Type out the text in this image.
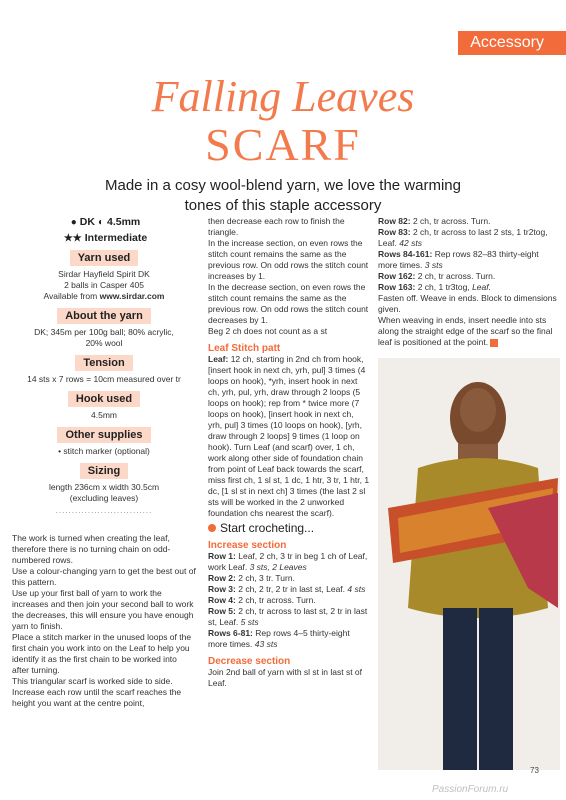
Accessory
Falling Leaves
SCARF
Made in a cosy wool-blend yarn, we love the warming tones of this staple accessory
● DK ◐ 4.5mm
★★ Intermediate
Yarn used
Sirdar Hayfield Spirit DK
2 balls in Casper 405
Available from www.sirdar.com
About the yarn
DK; 345m per 100g ball; 80% acrylic,
20% wool
Tension
14 sts x 7 rows = 10cm measured over tr
Hook used
4.5mm
Other supplies
• stitch marker (optional)
Sizing
length 236cm x width 30.5cm
(excluding leaves)
..............................
The work is turned when creating the leaf, therefore there is no turning chain on odd-numbered rows.
Use a colour-changing yarn to get the best out of this pattern.
Use up your first ball of yarn to work the increases and then join your second ball to work the decreases, this will ensure you have enough yarn to finish.
Place a stitch marker in the unused loops of the first chain you work into on the Leaf to help you identify it as the first chain to be worked into after turning.
This triangular scarf is worked side to side. Increase each row until the scarf reaches the height you want at the centre point,
then decrease each row to finish the triangle.
In the increase section, on even rows the stitch count remains the same as the previous row. On odd rows the stitch count increases by 1.
In the decrease section, on even rows the stitch count remains the same as the previous row. On odd rows the stitch count decreases by 1.
Beg 2 ch does not count as a st
Leaf Stitch patt
Leaf: 12 ch, starting in 2nd ch from hook, [insert hook in next ch, yrh, pul] 3 times (4 loops on hook), *yrh, insert hook in next ch, yrh, pul, yrh, draw through 2 loops (5 loops on hook); rep from * twice more (7 loops on hook), [insert hook in next ch, yrh, pul] 3 times (10 loops on hook), [yrh, draw through 2 loops] 9 times (1 loop on hook). Turn Leaf (and scarf) over, 1 ch, work along other side of foundation chain from point of Leaf back towards the scarf, miss first ch, 1 sl st, 1 dc, 1 htr, 3 tr, 1 htr, 1 dc, [1 sl st in next ch] 3 times (the last 2 sl sts will be worked in the 2 unworked foundation chs nearest the scarf).
Start crocheting...
Increase section
Row 1: Leaf, 2 ch, 3 tr in beg 1 ch of Leaf, work Leaf. 3 sts, 2 Leaves
Row 2: 2 ch, 3 tr. Turn.
Row 3: 2 ch, 2 tr, 2 tr in last st, Leaf. 4 sts
Row 4: 2 ch, tr across. Turn.
Row 5: 2 ch, tr across to last st, 2 tr in last st, Leaf. 5 sts
Rows 6-81: Rep rows 4–5 thirty-eight more times. 43 sts
Decrease section
Join 2nd ball of yarn with sl st in last st of Leaf.
Row 82: 2 ch, tr across. Turn.
Row 83: 2 ch, tr across to last 2 sts, 1 tr2tog, Leaf. 42 sts
Rows 84-161: Rep rows 82–83 thirty-eight more times. 3 sts
Row 162: 2 ch, tr across. Turn.
Row 163: 2 ch, 1 tr3tog, Leaf.
Fasten off. Weave in ends. Block to dimensions given.
When weaving in ends, insert needle into sts along the straight edge of the scarf so the final leaf is positioned at the point.
73
PassionForum.ru
